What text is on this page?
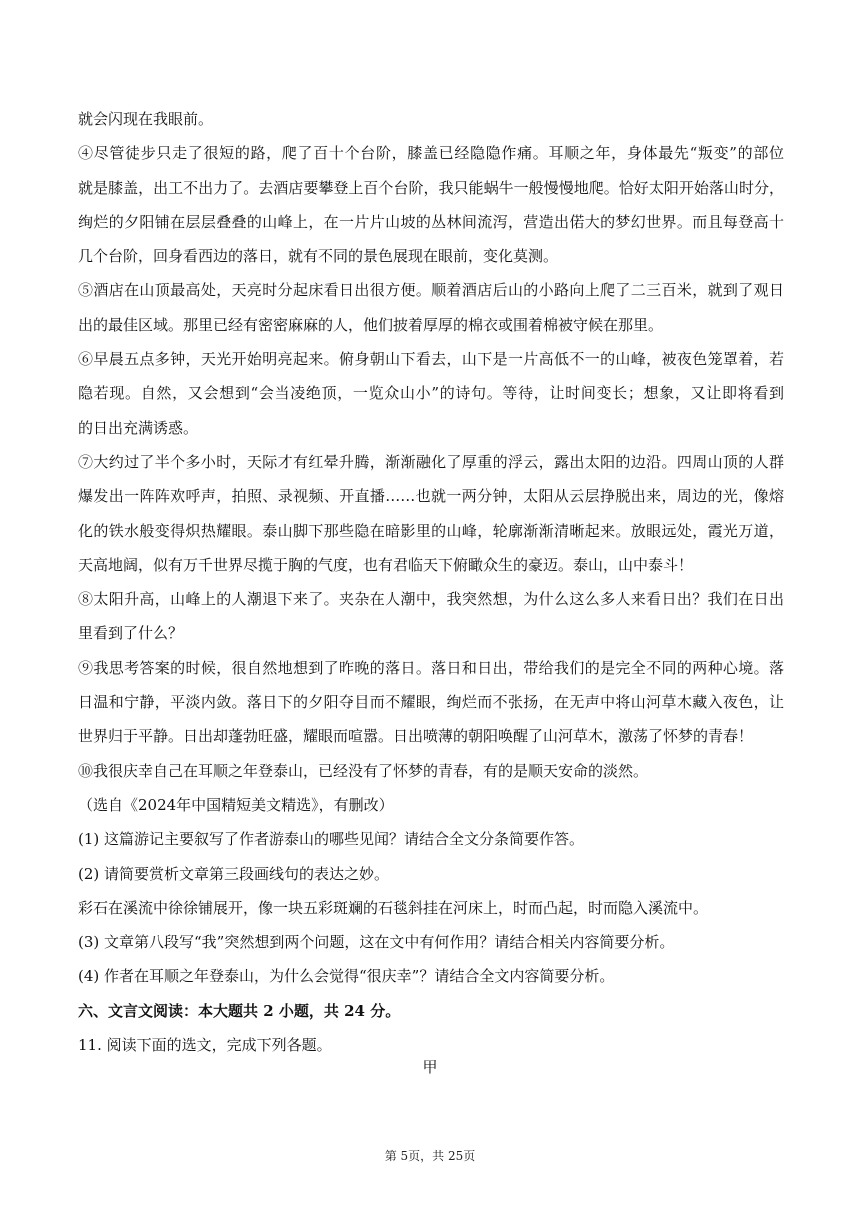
就会闪现在我眼前。
④尽管徒步只走了很短的路，爬了百十个台阶，膝盖已经隐隐作痛。耳顺之年，身体最先“叛变”的部位
就是膝盖，出工不出力了。去酒店要攀登上百个台阶，我只能蜗牛一般慢慢地爬。恰好太阳开始落山时分，
绚烂的夕阳铺在层层叠叠的山峰上，在一片片山坡的丛林间流泻，营造出偌大的梦幻世界。而且每登高十
几个台阶，回身看西边的落日，就有不同的景色展现在眼前，变化莫测。
⑤酒店在山顶最高处，天亮时分起床看日出很方便。顺着酒店后山的小路向上爬了二三百米，就到了观日
出的最佳区域。那里已经有密密麻麻的人，他们披着厚厚的棉衣或围着棉被守候在那里。
⑥早晨五点多钟，天光开始明亮起来。俯身朝山下看去，山下是一片高低不一的山峰，被夜色笼罩着，若
隐若现。自然，又会想到“会当凌绝顶，一览众山小”的诗句。等待，让时间变长；想象，又让即将看到
的日出充满诱惑。
⑦大约过了半个多小时，天际才有红晕升腾，渐渐融化了厚重的浮云，露出太阳的边沿。四周山顶的人群
爆发出一阵阵欢呼声，拍照、录视频、开直播……也就一两分钟，太阳从云层挣脱出来，周边的光，像熔
化的铁水般变得炽热耀眼。泰山脚下那些隐在暗影里的山峰，轮廓渐渐清晰起来。放眼远处，霞光万道，
天高地阔，似有万千世界尽揽于胸的气度，也有君临天下俯瞰众生的豪迈。泰山，山中泰斗！
⑧太阳升高，山峰上的人潮退下来了。夹杂在人潮中，我突然想，为什么这么多人来看日出？我们在日出
里看到了什么？
⑨我思考答案的时候，很自然地想到了昨晚的落日。落日和日出，带给我们的是完全不同的两种心境。落
日温和宁静，平淡内敛。落日下的夕阳夺目而不耀眼，绚烂而不张扬，在无声中将山河草木藏入夜色，让
世界归于平静。日出却蓬勃旺盛，耀眼而喧嚣。日出喷薄的朝阳唤醒了山河草木，激荡了怀梦的青春！
⑩我很庆幸自己在耳顺之年登泰山，已经没有了怀梦的青春，有的是顺天安命的淡然。
（选自《2024年中国精短美文精选》，有删改）
(1) 这篇游记主要叙写了作者游泰山的哪些见闻？请结合全文分条简要作答。
(2) 请简要赏析文章第三段画线句的表达之妙。
彩石在溪流中徐徐铺展开，像一块五彩斑斓的石毯斜挂在河床上，时而凸起，时而隐入溪流中。
(3) 文章第八段写“我”突然想到两个问题，这在文中有何作用？请结合相关内容简要分析。
(4) 作者在耳顺之年登泰山，为什么会觉得“很庆幸”？请结合全文内容简要分析。
六、文言文阅读：本大题共 2 小题，共 24 分。
11. 阅读下面的选文，完成下列各题。
甲
第 5页，共 25页
